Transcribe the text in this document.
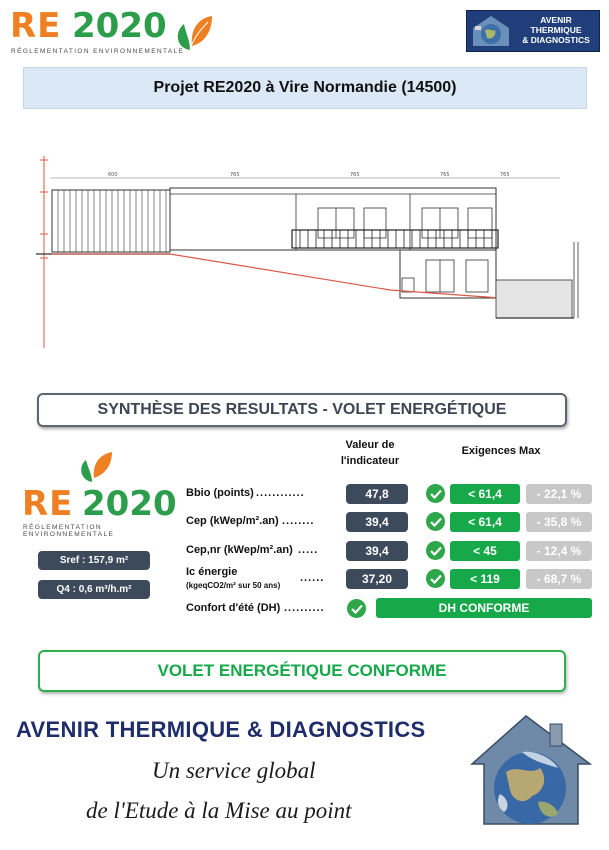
RE 2020
RÉGLEMENTATION ENVIRONNEMENTALE
AVENIR
THERMIQUE
& DIAGNOSTICS
Projet RE2020 à Vire Normandie (14500)
600	765	765	765	765
SYNTHÈSE DES RESULTATS - VOLET ENERGÉTIQUE
Valeur de
l'indicateur
Exigences Max
RE 2020
RÉGLEMENTATION ENVIRONNEMENTALE
Sref : 157,9 m²
Q4 : 0,6 m³/h.m²
Bbio (points) ............	47,8	< 61,4	- 22,1 %
Cep (kWep/m².an) ........	39,4	< 61,4	- 35,8 %
Cep,nr (kWep/m².an) .....	39,4	< 45	- 12,4 %
Ic énergie
(kgeqCO2/m² sur 50 ans)
......	37,20	< 119	- 68,7 %
Confort d'été (DH) ..........	DH CONFORME
VOLET ENERGÉTIQUE CONFORME
AVENIR THERMIQUE & DIAGNOSTICS
Un service global
de l'Etude à la Mise au point
